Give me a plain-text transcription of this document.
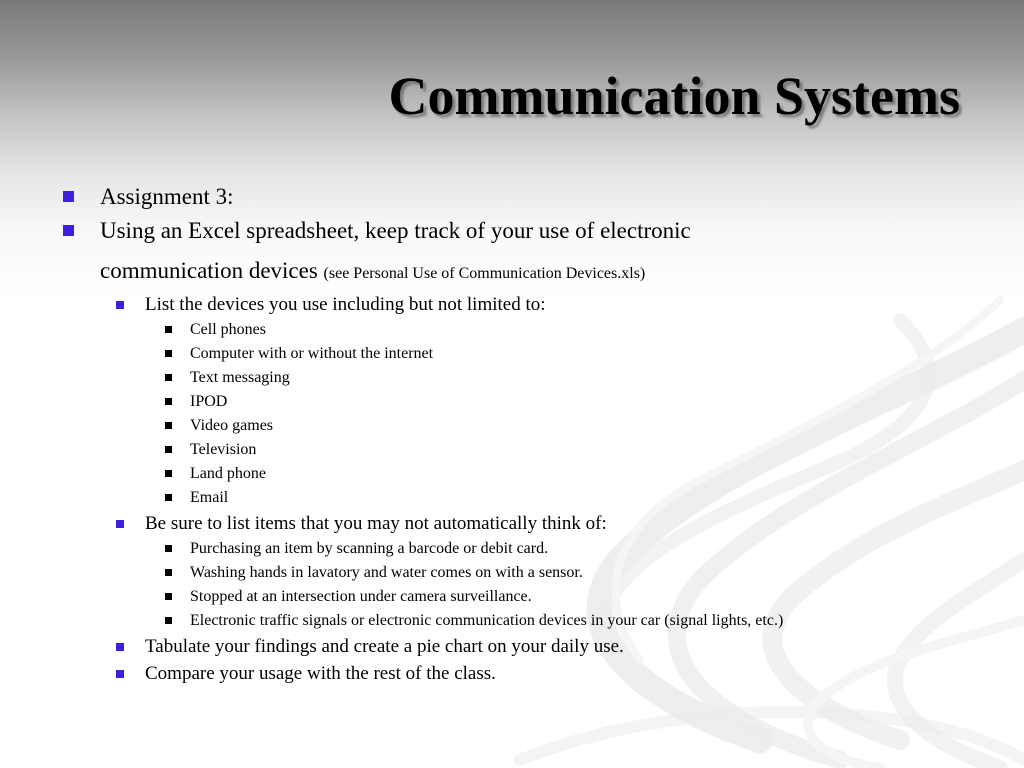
Communication Systems
Assignment 3:
Using an Excel spreadsheet, keep track of your use of electronic
communication devices (see Personal Use of Communication Devices.xls)
List the devices you use including but not limited to:
Cell phones
Computer with or without the internet
Text messaging
IPOD
Video games
Television
Land phone
Email
Be sure to list items that you may not automatically think of:
Purchasing an item by scanning a barcode or debit card.
Washing hands in lavatory and water comes on with a sensor.
Stopped at an intersection under camera surveillance.
Electronic traffic signals or electronic communication devices in your car (signal lights, etc.)
Tabulate your findings and create a pie chart on your daily use.
Compare your usage with the rest of the class.
